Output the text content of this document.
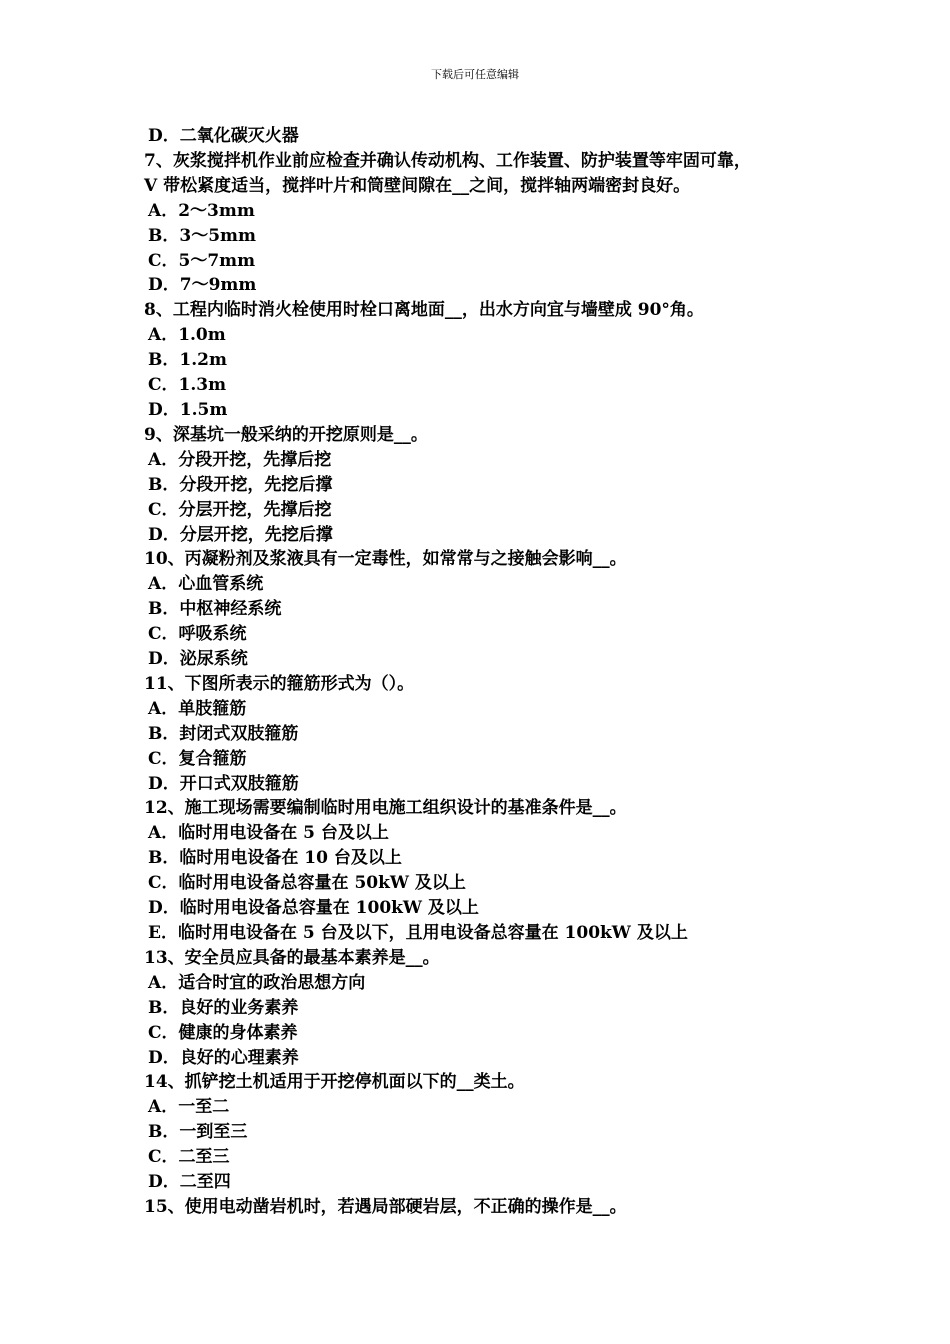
下载后可任意编辑
D．二氧化碳灭火器
7、灰浆搅拌机作业前应检查并确认传动机构、工作装置、防护装置等牢固可靠，
V 带松紧度适当，搅拌叶片和筒壁间隙在__之间，搅拌轴两端密封良好。
A．2～3mm
B．3～5mm
C．5～7mm
D．7～9mm
8、工程内临时消火栓使用时栓口离地面__，出水方向宜与墙壁成 90°角。
A．1.0m
B．1.2m
C．1.3m
D．1.5m
9、深基坑一般采纳的开挖原则是__。
A．分段开挖，先撑后挖
B．分段开挖，先挖后撑
C．分层开挖，先撑后挖
D．分层开挖，先挖后撑
10、丙凝粉剂及浆液具有一定毒性，如常常与之接触会影响__。
A．心血管系统
B．中枢神经系统
C．呼吸系统
D．泌尿系统
11、下图所表示的箍筋形式为（）。
A．单肢箍筋
B．封闭式双肢箍筋
C．复合箍筋
D．开口式双肢箍筋
12、施工现场需要编制临时用电施工组织设计的基准条件是__。
A．临时用电设备在 5 台及以上
B．临时用电设备在 10 台及以上
C．临时用电设备总容量在 50kW 及以上
D．临时用电设备总容量在 100kW 及以上
E．临时用电设备在 5 台及以下，且用电设备总容量在 100kW 及以上
13、安全员应具备的最基本素养是__。
A．适合时宜的政治思想方向
B．良好的业务素养
C．健康的身体素养
D．良好的心理素养
14、抓铲挖土机适用于开挖停机面以下的__类土。
A．一至二
B．一到至三
C．二至三
D．二至四
15、使用电动凿岩机时，若遇局部硬岩层，不正确的操作是__。
